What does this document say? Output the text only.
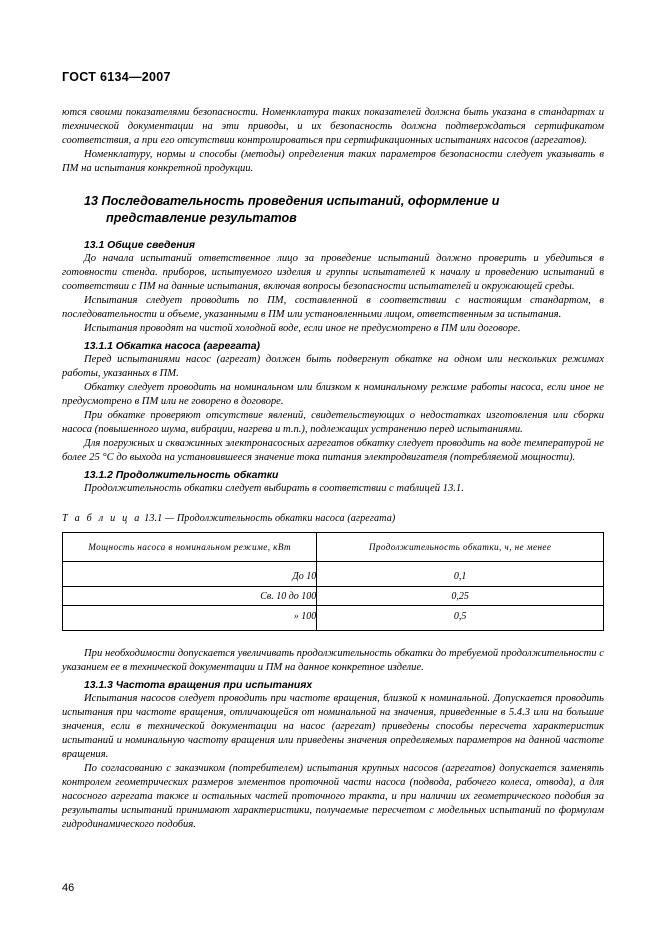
ГОСТ 6134—2007

ются своими показателями безопасности. Номенклатура таких показателей должна быть указана в стандартах и технической документации на эти приводы, и их безопасность должна подтверждаться сертификатом соответствия, а при его отсутствии контролироваться при сертификационных испытаниях насосов (агрегатов).

Номенклатуру, нормы и способы (методы) определения таких параметров безопасности следует указывать в ПМ на испытания конкретной продукции.

13 Последовательность проведения испытаний, оформление и
представление результатов
13.1 Общие сведения

До начала испытаний ответственное лицо за проведение испытаний должно проверить и убедиться в готовности стенда. приборов, испытуемого изделия и группы испытателей к началу и проведению испытаний в соответствии с ПМ на данные испытания, включая вопросы безопасности испытателей и окружающей среды.

Испытания следует проводить по ПМ, составленной в соответствии с настоящим стандартом, в последовательности и объеме, указанными в ПМ или установленными лицом, ответственным за испытания.

Испытания проводят на чистой холодной воде, если иное не предусмотрено в ПМ или договоре.

13.1.1 Обкатка насоса (агрегата)

Перед испытаниями насос (агрегат) должен быть подвергнут обкатке на одном или нескольких режимах работы, указанных в ПМ.

Обкатку следует проводить на номинальном или близком к номинальному режиме работы насоса, если иное не предусмотрено в ПМ или не говорено в договоре.

При обкатке проверяют отсутствие явлений, свидетельствующих о недостатках изготовления или сборки насоса (повышенного шума, вибрации, нагрева и т.п.), подлежащих устранению перед испытаниями.

Для погружных и скважинных электронасосных агрегатов обкатку следует проводить на воде температурой не более 25 °С до выхода на установившееся значение тока питания электродвигателя (потребляемой мощности).

13.1.2 Продолжительность обкатки

Продолжительность обкатки следует выбирать в соответствии с таблицей 13.1.

Т а б л и ц а 13.1 — Продолжительность обкатки насоса (агрегата)
Мощность насоса в номинальном режиме, кВт	Продолжительность обкатки, ч, не менее
До 10	0,1
Св. 10 до 100	0,25
» 100	0,5

При необходимости допускается увеличивать продолжительность обкатки до требуемой продолжительности с указанием ее в технической документации и ПМ на данное конкретное изделие.

13.1.3 Частота вращения при испытаниях

Испытания насосов следует проводить при частоте вращения, близкой к номинальной. Допускается проводить испытания при частоте вращения, отличающейся от номинальной на значения, приведенные в 5.4.3 или на большие значения, если в технической документации на насос (агрегат) приведены способы пересчета характеристик испытаний и номинальную частоту вращения или приведены значения определяемых параметров на данной частоте вращения.

По согласованию с заказчиком (потребителем) испытания крупных насосов (агрегатов) допускается заменять контролем геометрических размеров элементов проточной части насоса (подвода, рабочего колеса, отвода), а для насосного агрегата также и остальных частей проточного тракта, и при наличии их геометрического подобия за результаты испытаний принимают характеристики, получаемые пересчетом с модельных испытаний по формулам гидродинамического подобия.

46
